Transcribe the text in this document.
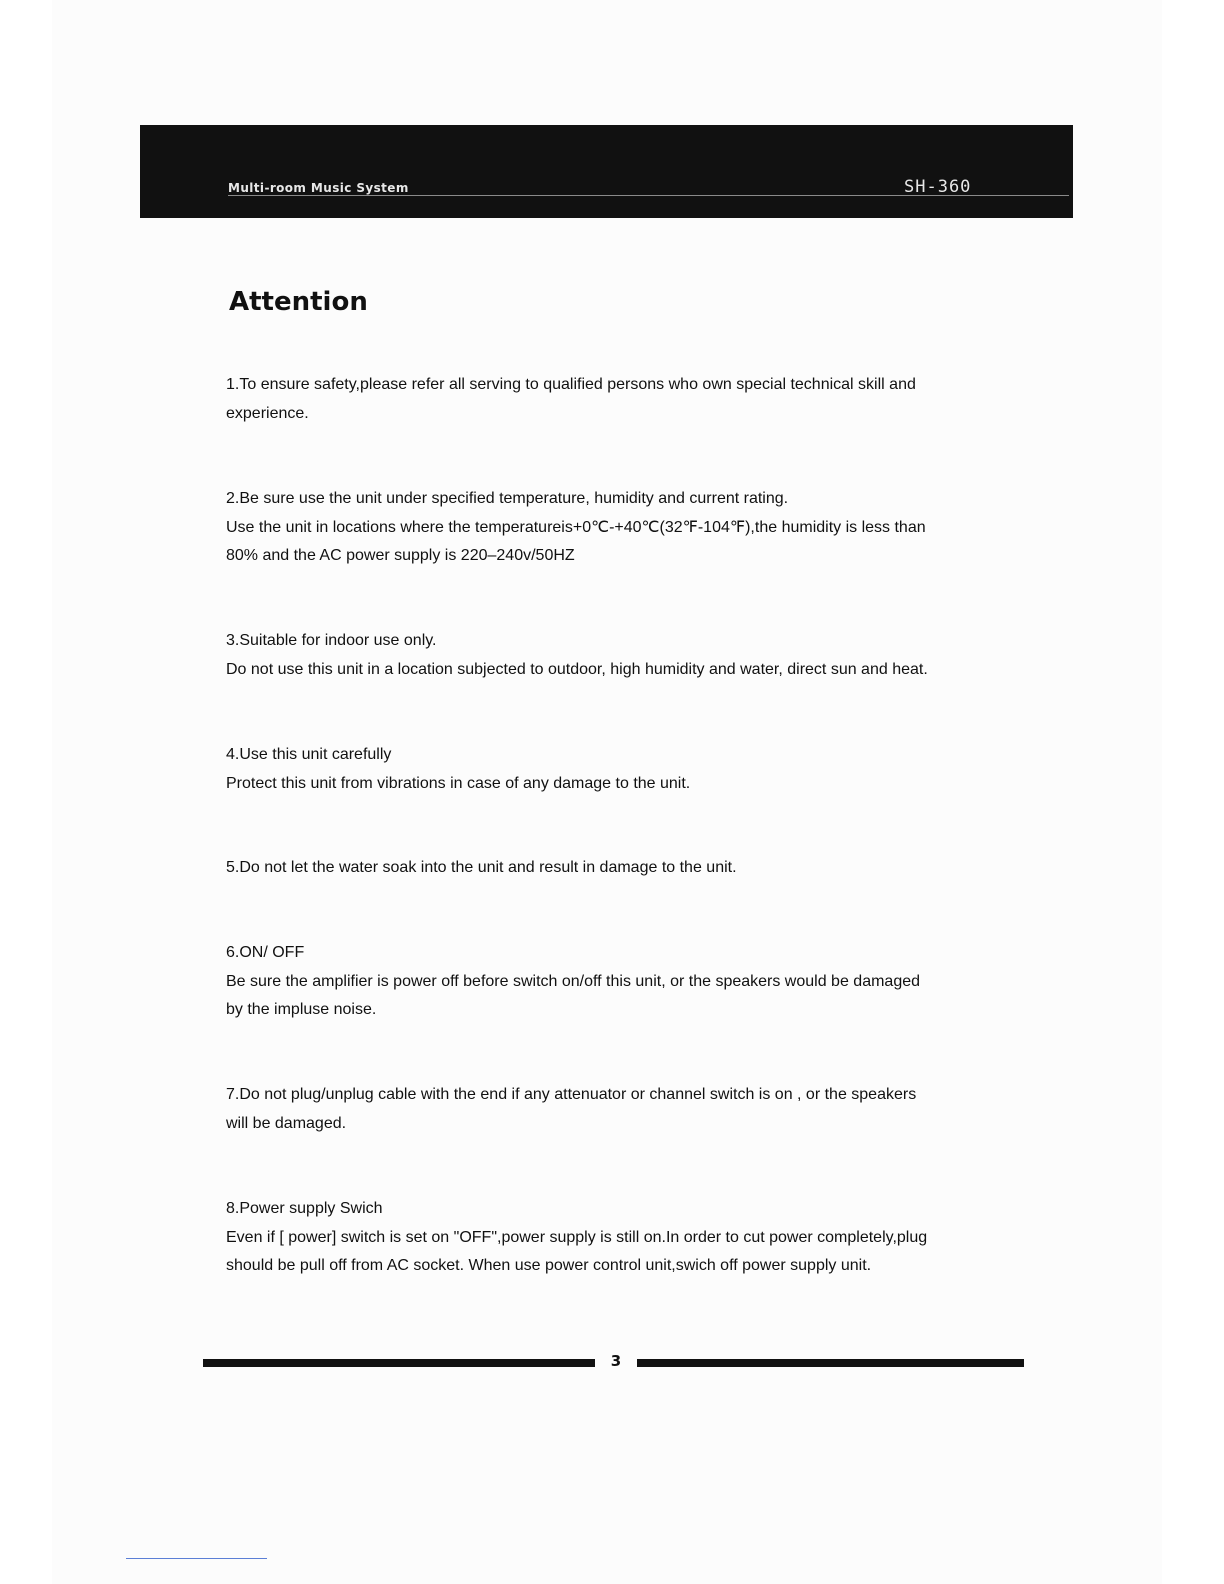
Multi-room Music System	SH-360
Attention

1.To ensure safety,please refer all serving to qualified persons who own special technical skill and

experience.

2.Be sure use the unit under specified temperature, humidity and current rating.

Use the unit in locations where the temperatureis+0℃-+40℃(32℉-104℉),the humidity is less than

80% and the AC power supply is 220–240v/50HZ

3.Suitable for indoor use only.

Do not use this unit in a location subjected to outdoor, high humidity and water, direct sun and heat.

4.Use this unit carefully

Protect this unit from vibrations in case of any damage to the unit.

5.Do not let the water soak into the unit and result in damage to the unit.

6.ON/ OFF

Be sure the amplifier is power off before switch on/off this unit, or the speakers would be damaged

by the impluse noise.

7.Do not plug/unplug cable with the end if any attenuator or channel switch is on , or the speakers

will be damaged.

8.Power supply Swich

Even if [ power] switch is set on "OFF",power supply is still on.In order to cut power completely,plug

should be pull off from AC socket. When use power control unit,swich off power supply unit.

3
